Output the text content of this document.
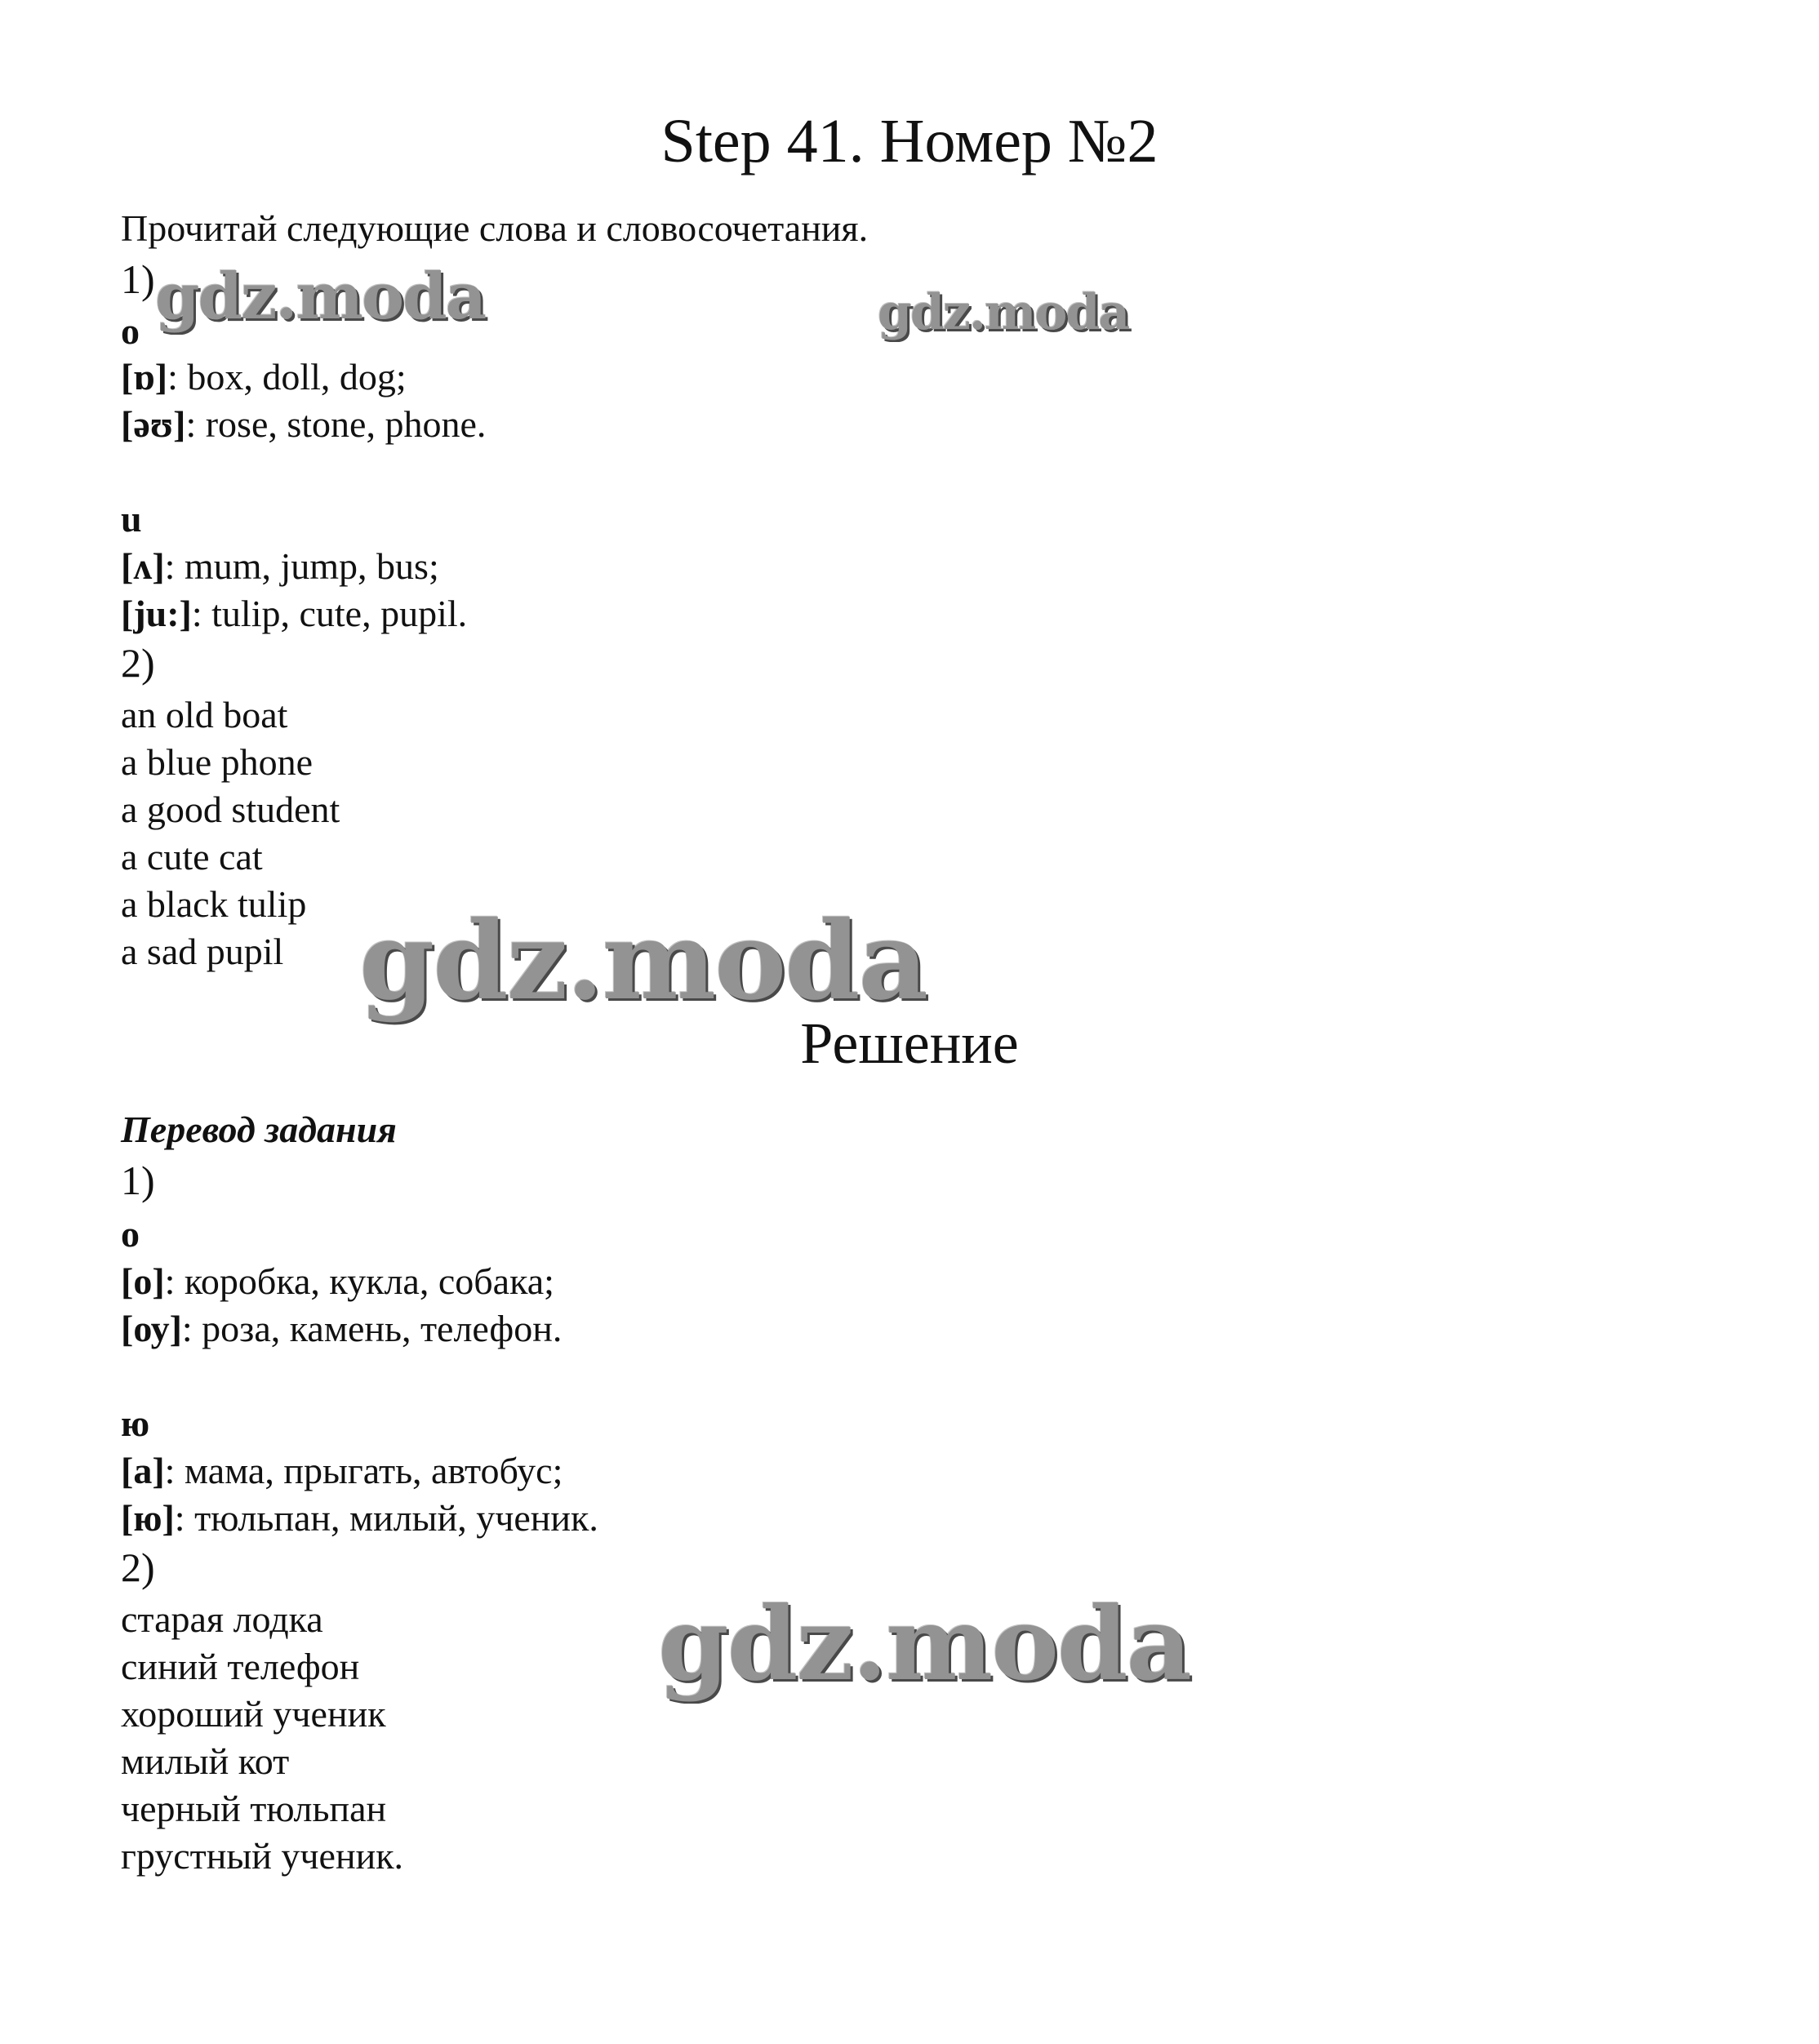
Step 41. Номер №2
Прочитай следующие слова и словосочетания.
1)
o
[ɒ]: box, doll, dog;
[əʊ]: rose, stone, phone.
u
[ʌ]: mum, jump, bus;
[ju:]: tulip, cute, pupil.
2)
an old boat
a blue phone
a good student
a cute cat
a black tulip
a sad pupil
Решение
Перевод задания
1)
о
[о]: коробка, кукла, собака;
[оу]: роза, камень, телефон.
ю
[а]: мама, прыгать, автобус;
[ю]: тюльпан, милый, ученик.
2)
старая лодка
синий телефон
хороший ученик
милый кот
черный тюльпан
грустный ученик.
gdz.moda	gdz.moda
gdz.moda
gdz.moda
